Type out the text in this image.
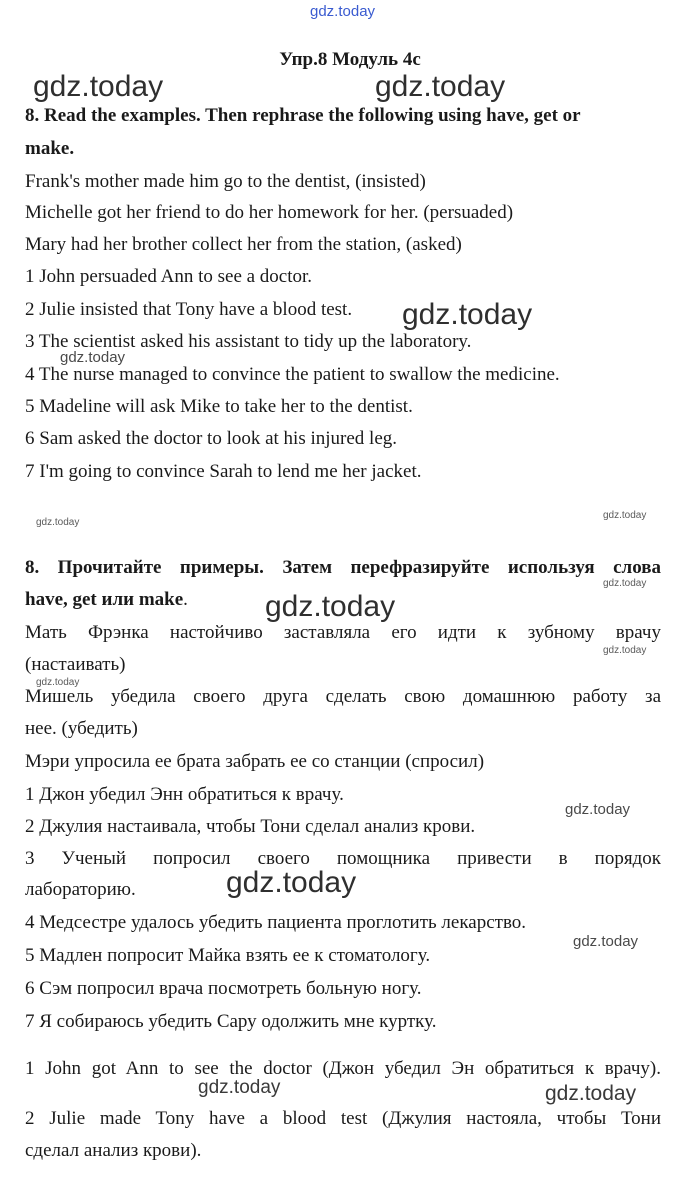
gdz.today
Упр.8 Модуль 4c
8. Read the examples. Then rephrase the following using have, get or
make.
Frank's mother made him go to the dentist, (insisted)
Michelle got her friend to do her homework for her. (persuaded)
Mary had her brother collect her from the station, (asked)
1 John persuaded Ann to see a doctor.
2 Julie insisted that Tony have a blood test.
3 The scientist asked his assistant to tidy up the laboratory.
4 The nurse managed to convince the patient to swallow the medicine.
5 Madeline will ask Mike to take her to the dentist.
6 Sam asked the doctor to look at his injured leg.
7 I'm going to convince Sarah to lend me her jacket.
8. Прочитайте примеры. Затем перефразируйте используя слова
have, get или make.
Мать Фрэнка настойчиво заставляла его идти к зубному врачу
(настаивать)
Мишель убедила своего друга сделать свою домашнюю работу за
нее. (убедить)
Мэри упросила ее брата забрать ее со станции (спросил)
1 Джон убедил Энн обратиться к врачу.
2 Джулия настаивала, чтобы Тони сделал анализ крови.
3 Ученый попросил своего помощника привести в порядок
лабораторию.
4 Медсестре удалось убедить пациента проглотить лекарство.
5 Мадлен попросит Майка взять ее к стоматологу.
6 Сэм попросил врача посмотреть больную ногу.
7 Я собираюсь убедить Сару одолжить мне куртку.
1 John got Ann to see the doctor (Джон убедил Эн обратиться к врачу).
2 Julie made Tony have a blood test (Джулия настояла, чтобы Тони
сделал анализ крови).
gdz.today	gdz.today
gdz.today
gdz.today
gdz.today
gdz.today
gdz.today
gdz.today
gdz.today
gdz.today
gdz.today
gdz.today
gdz.today
gdz.today	gdz.today
